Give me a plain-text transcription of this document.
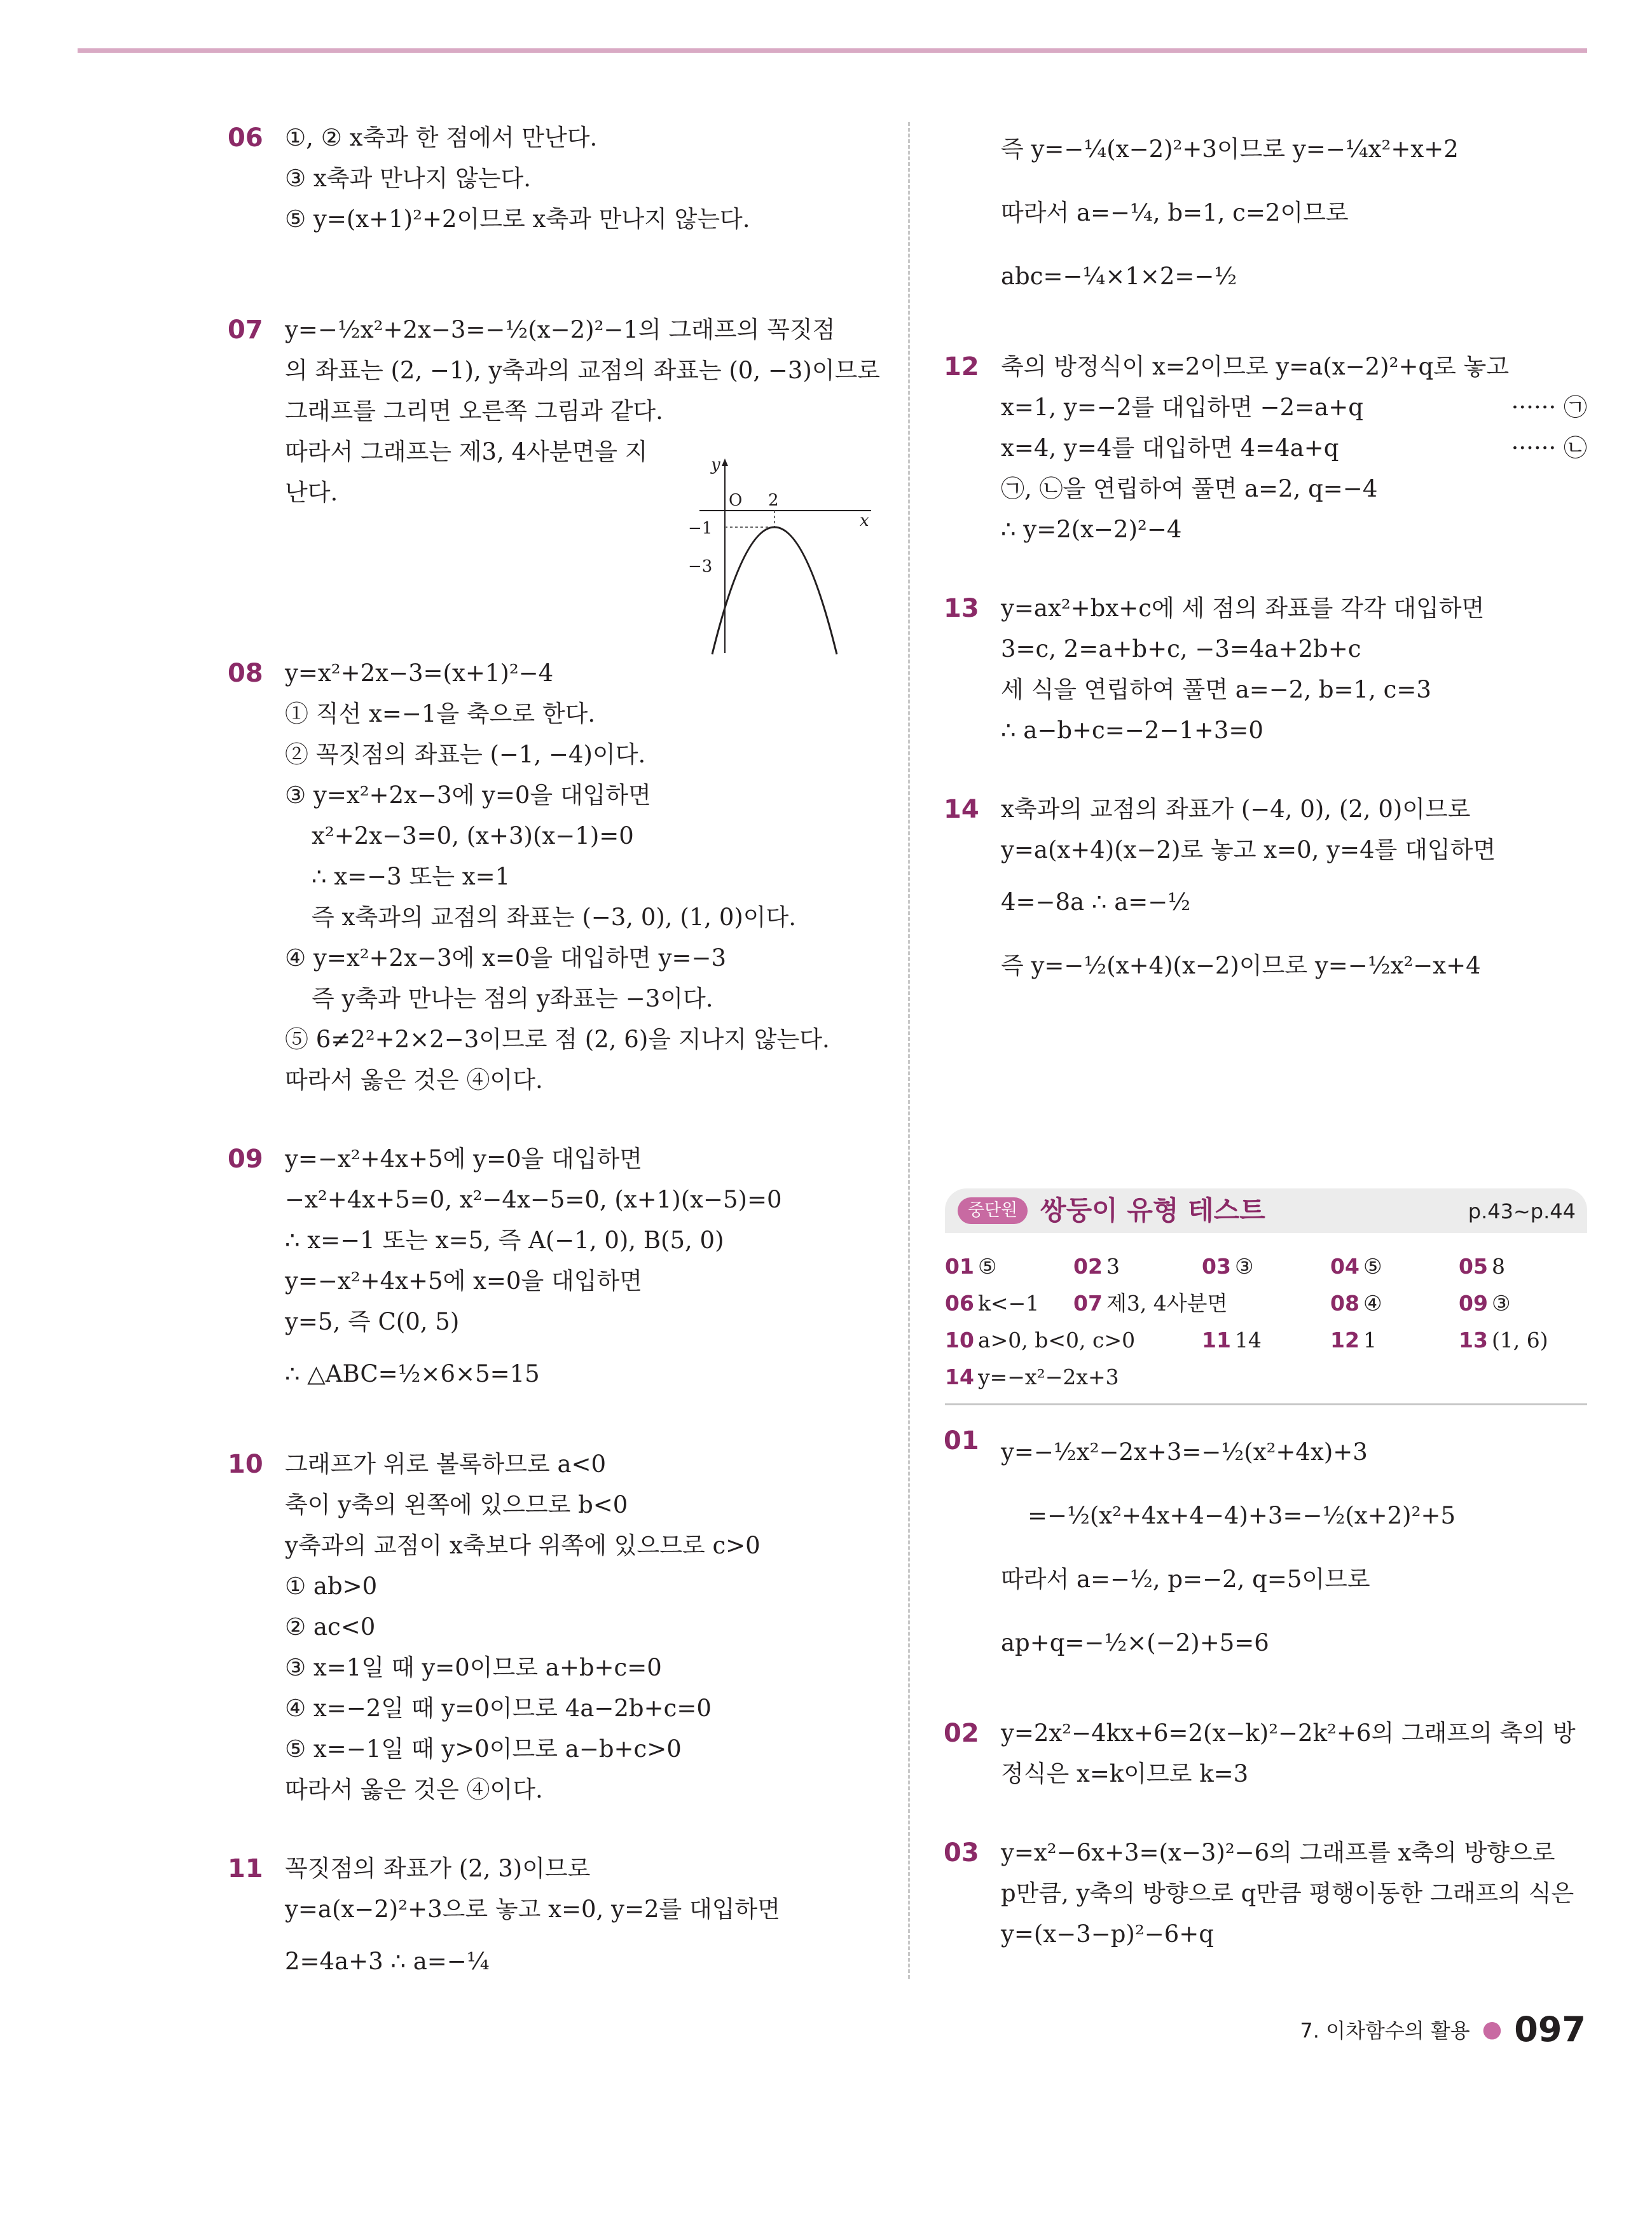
06 ①, ② x축과 한 점에서 만난다.
③ x축과 만나지 않는다.
⑤ y=(x+1)²+2이므로 x축과 만나지 않는다.
07 y=−½x²+2x−3=−½(x−2)²−1의 그래프의 꼭짓점
의 좌표는 (2, −1), y축과의 교점의 좌표는 (0, −3)이므로
그래프를 그리면 오른쪽 그림과 같다.
따라서 그래프는 제3, 4사분면을 지
난다.
y
O 2
x
−1
−3
08 y=x²+2x−3=(x+1)²−4
① 직선 x=−1을 축으로 한다.
② 꼭짓점의 좌표는 (−1, −4)이다.
③ y=x²+2x−3에 y=0을 대입하면
x²+2x−3=0, (x+3)(x−1)=0
∴ x=−3 또는 x=1
즉 x축과의 교점의 좌표는 (−3, 0), (1, 0)이다.
④ y=x²+2x−3에 x=0을 대입하면 y=−3
즉 y축과 만나는 점의 y좌표는 −3이다.
⑤ 6≠2²+2×2−3이므로 점 (2, 6)을 지나지 않는다.
따라서 옳은 것은 ④이다.
09 y=−x²+4x+5에 y=0을 대입하면
−x²+4x+5=0, x²−4x−5=0, (x+1)(x−5)=0
∴ x=−1 또는 x=5, 즉 A(−1, 0), B(5, 0)
y=−x²+4x+5에 x=0을 대입하면
y=5, 즉 C(0, 5)
∴ △ABC=½×6×5=15
10 그래프가 위로 볼록하므로 a<0
축이 y축의 왼쪽에 있으므로 b<0
y축과의 교점이 x축보다 위쪽에 있으므로 c>0
① ab>0
② ac<0
③ x=1일 때 y=0이므로 a+b+c=0
④ x=−2일 때 y=0이므로 4a−2b+c=0
⑤ x=−1일 때 y>0이므로 a−b+c>0
따라서 옳은 것은 ④이다.
11 꼭짓점의 좌표가 (2, 3)이므로
y=a(x−2)²+3으로 놓고 x=0, y=2를 대입하면
2=4a+3 ∴ a=−¼
즉 y=−¼(x−2)²+3이므로 y=−¼x²+x+2
따라서 a=−¼, b=1, c=2이므로
abc=−¼×1×2=−½
12 축의 방정식이 x=2이므로 y=a(x−2)²+q로 놓고
x=1, y=−2를 대입하면 −2=a+q	······ ㉠
x=4, y=4를 대입하면 4=4a+q	······ ㉡
㉠, ㉡을 연립하여 풀면 a=2, q=−4
∴ y=2(x−2)²−4
13 y=ax²+bx+c에 세 점의 좌표를 각각 대입하면
3=c, 2=a+b+c, −3=4a+2b+c
세 식을 연립하여 풀면 a=−2, b=1, c=3
∴ a−b+c=−2−1+3=0
14 x축과의 교점의 좌표가 (−4, 0), (2, 0)이므로
y=a(x+4)(x−2)로 놓고 x=0, y=4를 대입하면
4=−8a ∴ a=−½
즉 y=−½(x+4)(x−2)이므로 y=−½x²−x+4
중단원 쌍둥이 유형 테스트	p.43∼p.44
01 ⑤	02 3	03 ③	04 ⑤	05 8
06 k<−1	07 제3, 4사분면	08 ④	09 ③
10 a>0, b<0, c>0	11 14	12 1	13 (1, 6)
14 y=−x²−2x+3
01 y=−½x²−2x+3=−½(x²+4x)+3
=−½(x²+4x+4−4)+3=−½(x+2)²+5
따라서 a=−½, p=−2, q=5이므로
ap+q=−½×(−2)+5=6
02 y=2x²−4kx+6=2(x−k)²−2k²+6의 그래프의 축의 방
정식은 x=k이므로 k=3
03 y=x²−6x+3=(x−3)²−6의 그래프를 x축의 방향으로
p만큼, y축의 방향으로 q만큼 평행이동한 그래프의 식은
y=(x−3−p)²−6+q
7. 이차함수의 활용 ● 097
